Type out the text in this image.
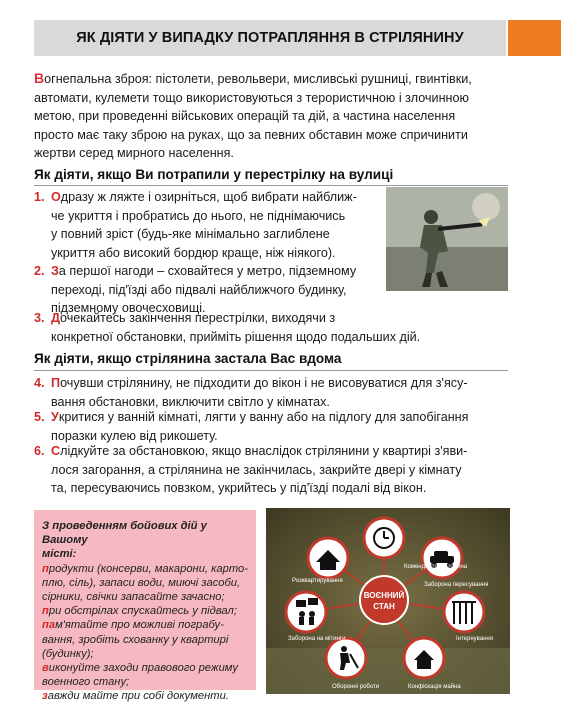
ЯК ДІЯТИ У ВИПАДКУ ПОТРАПЛЯННЯ В СТРІЛЯНИНУ
Вогнепальна зброя: пістолети, револьвери, мисливські рушниці, гвинтівки,
автомати, кулемети тощо використовуються з терористичною і злочинною
метою, при проведенні військових операцій та дій, а частина населення
просто має таку зброю на руках, що за певних обставин може спричинити
жертви серед мирного населення.
Як діяти, якщо Ви потрапили у перестрілку на вулиці
1. Одразу ж ляжте і озирніться, щоб вибрати найближ-
че укриття і пробратись до нього, не піднімаючись
у повний зріст (будь-яке мінімально заглиблене
укриття або високий бордюр краще, ніж ніякого).
2. За першої нагоди – сховайтеся у метро, підземному
переході, під'їзді або підвалі найближчого будинку,
підземному овочесховищі.
3. Дочекайтесь закінчення перестрілки, виходячи з
конкретної обстановки, прийміть рішення щодо подальших дій.
Як діяти, якщо стрілянина застала Вас вдома
4. Почувши стрілянину, не підходити до вікон і не висовуватися для з'ясу-
вання обстановки, виключити світло у кімнатах.
5. Укритися у ванній кімнаті, лягти у ванну або на підлогу для запобігання
поразки кулею від рикошету.
6. Слідкуйте за обстановкою, якщо внаслідок стрілянини у квартирі з'яви-
лося загорання, а стрілянина не закінчилась, закрийте двері у кімнату
та, пересуваючись повзком, укрийтесь у під'їзді подалі від вікон.
З проведенням бойових дій у Вашому
місті:
продукти (консерви, макарони, карто-
плю, сіль), запаси води, миючі засоби,
сірники, свічки запасайте зачасно;
при обстрілах спускайтесь у підвал;
пам'ятайте про можливі пограбу-
вання, зробіть схованку у квартирі
(будинку);
виконуйте заходи правового режиму
военного стану;
завжди майте при собі документи.
ВОЄННИЙ
СТАН
Комендантська година
Розквартирування
Заборона пересування
Заборона на мітинги	Інтернування
Оборонні роботи	Конфіскація майна
